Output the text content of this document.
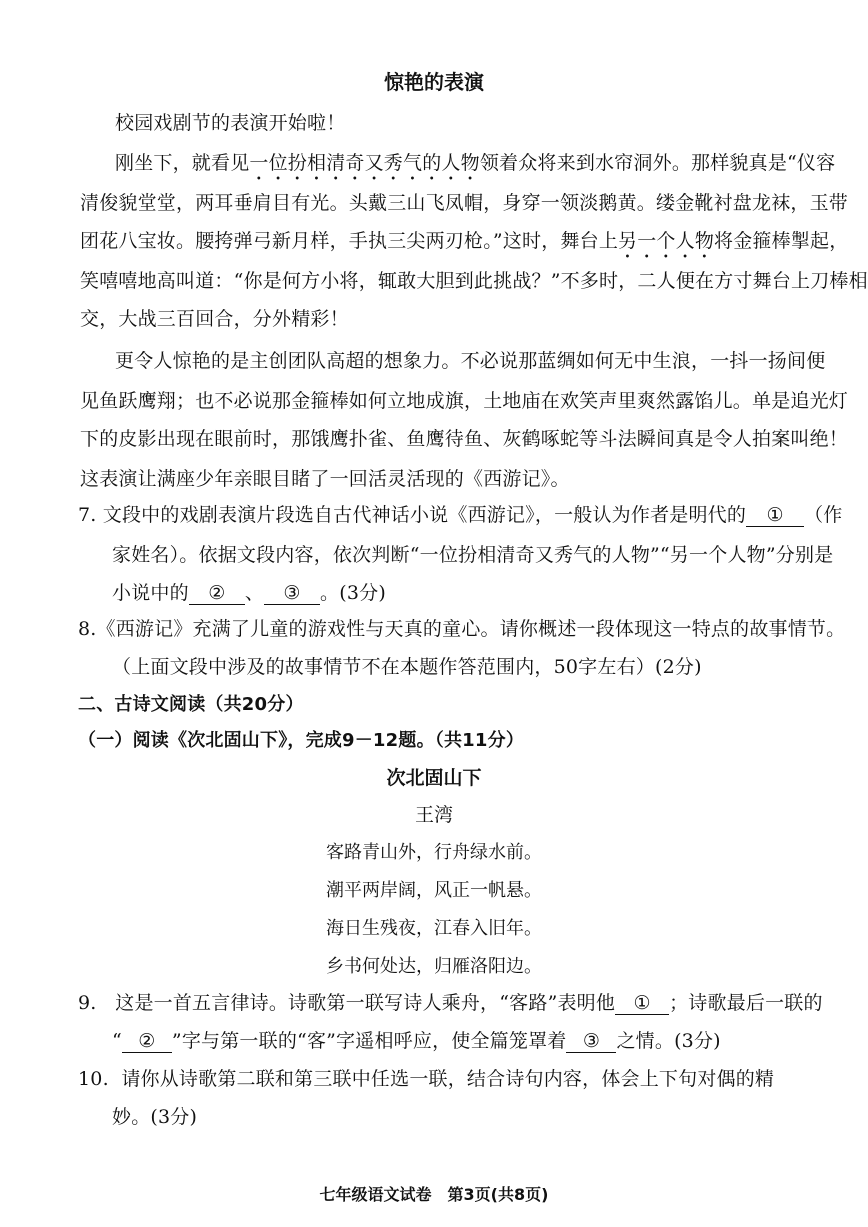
惊艳的表演
校园戏剧节的表演开始啦！
刚坐下，就看见一位扮相清奇又秀气的人物领着众将来到水帘洞外。那样貌真是“仪容
清俊貌堂堂，两耳垂肩目有光。头戴三山飞凤帽，身穿一领淡鹅黄。缕金靴衬盘龙袜，玉带
团花八宝妆。腰挎弹弓新月样，手执三尖两刃枪。”这时，舞台上另一个人物将金箍棒掣起，
笑嘻嘻地高叫道：“你是何方小将，辄敢大胆到此挑战？”不多时，二人便在方寸舞台上刀棒相
交，大战三百回合，分外精彩！
更令人惊艳的是主创团队高超的想象力。不必说那蓝绸如何无中生浪，一抖一扬间便
见鱼跃鹰翔；也不必说那金箍棒如何立地成旗，土地庙在欢笑声里爽然露馅儿。单是追光灯
下的皮影出现在眼前时，那饿鹰扑雀、鱼鹰待鱼、灰鹤啄蛇等斗法瞬间真是令人拍案叫绝！
这表演让满座少年亲眼目睹了一回活灵活现的《西游记》。
7. 文段中的戏剧表演片段选自古代神话小说《西游记》，一般认为作者是明代的 ① （作
家姓名）。依据文段内容，依次判断“一位扮相清奇又秀气的人物”“另一个人物”分别是
小说中的 ② 、 ③ 。(3分)
8.《西游记》充满了儿童的游戏性与天真的童心。请你概述一段体现这一特点的故事情节。
（上面文段中涉及的故事情节不在本题作答范围内，50字左右）(2分)
二、古诗文阅读（共20分）
（一）阅读《次北固山下》，完成9－12题。（共11分）
次北固山下
王湾
客路青山外，行舟绿水前。
潮平两岸阔，风正一帆悬。
海日生残夜，江春入旧年。
乡书何处达，归雁洛阳边。
9. 这是一首五言律诗。诗歌第一联写诗人乘舟，“客路”表明他 ① ；诗歌最后一联的
“ ② ”字与第一联的“客”字遥相呼应，使全篇笼罩着 ③ 之情。(3分)
10. 请你从诗歌第二联和第三联中任选一联，结合诗句内容，体会上下句对偶的精
妙。(3分)
七年级语文试卷　第3页(共8页)
